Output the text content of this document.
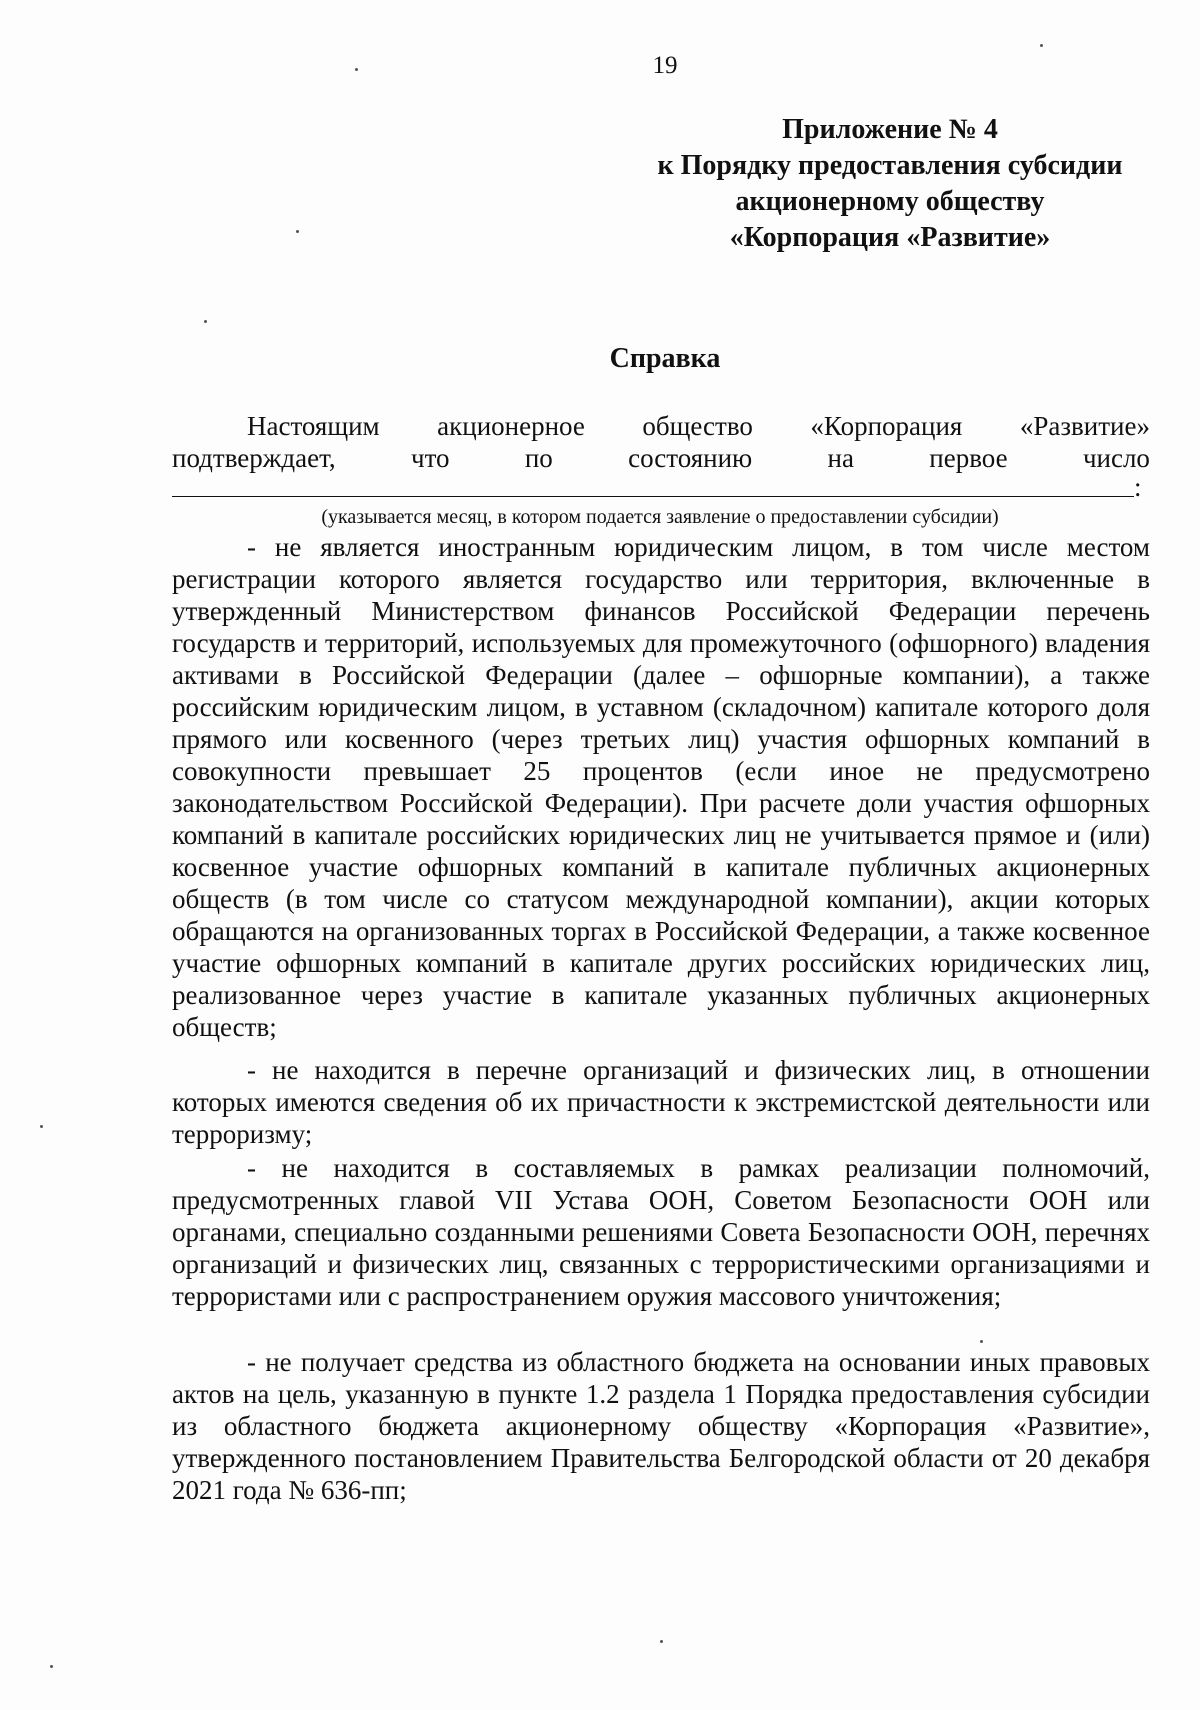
19
Приложение № 4
к Порядку предоставления субсидии
акционерному обществу
«Корпорация «Развитие»
Справка
Настоящим акционерное общество «Корпорация «Развитие»
подтверждает,	что	по	состоянию	на	первое	число
:
(указывается месяц, в котором подается заявление о предоставлении субсидии)

- не является иностранным юридическим лицом, в том числе местом регистрации которого является государство или территория, включенные в утвержденный Министерством финансов Российской Федерации перечень государств и территорий, используемых для промежуточного (офшорного) владения активами в Российской Федерации (далее – офшорные компании), а также российским юридическим лицом, в уставном (складочном) капитале которого доля прямого или косвенного (через третьих лиц) участия офшорных компаний в совокупности превышает 25 процентов (если иное не предусмотрено законодательством Российской Федерации). При расчете доли участия офшорных компаний в капитале российских юридических лиц не учитывается прямое и (или) косвенное участие офшорных компаний в капитале публичных акционерных обществ (в том числе со статусом международной компании), акции которых обращаются на организованных торгах в Российской Федерации, а также косвенное участие офшорных компаний в капитале других российских юридических лиц, реализованное через участие в капитале указанных публичных акционерных обществ;

- не находится в перечне организаций и физических лиц, в отношении которых имеются сведения об их причастности к экстремистской деятельности или терроризму;

- не находится в составляемых в рамках реализации полномочий, предусмотренных главой VII Устава ООН, Советом Безопасности ООН или органами, специально созданными решениями Совета Безопасности ООН, перечнях организаций и физических лиц, связанных с террористическими организациями и террористами или с распространением оружия массового уничтожения;

- не получает средства из областного бюджета на основании иных правовых актов на цель, указанную в пункте 1.2 раздела 1 Порядка предоставления субсидии из областного бюджета акционерному обществу «Корпорация «Развитие», утвержденного постановлением Правительства Белгородской области от 20 декабря 2021 года № 636-пп;
